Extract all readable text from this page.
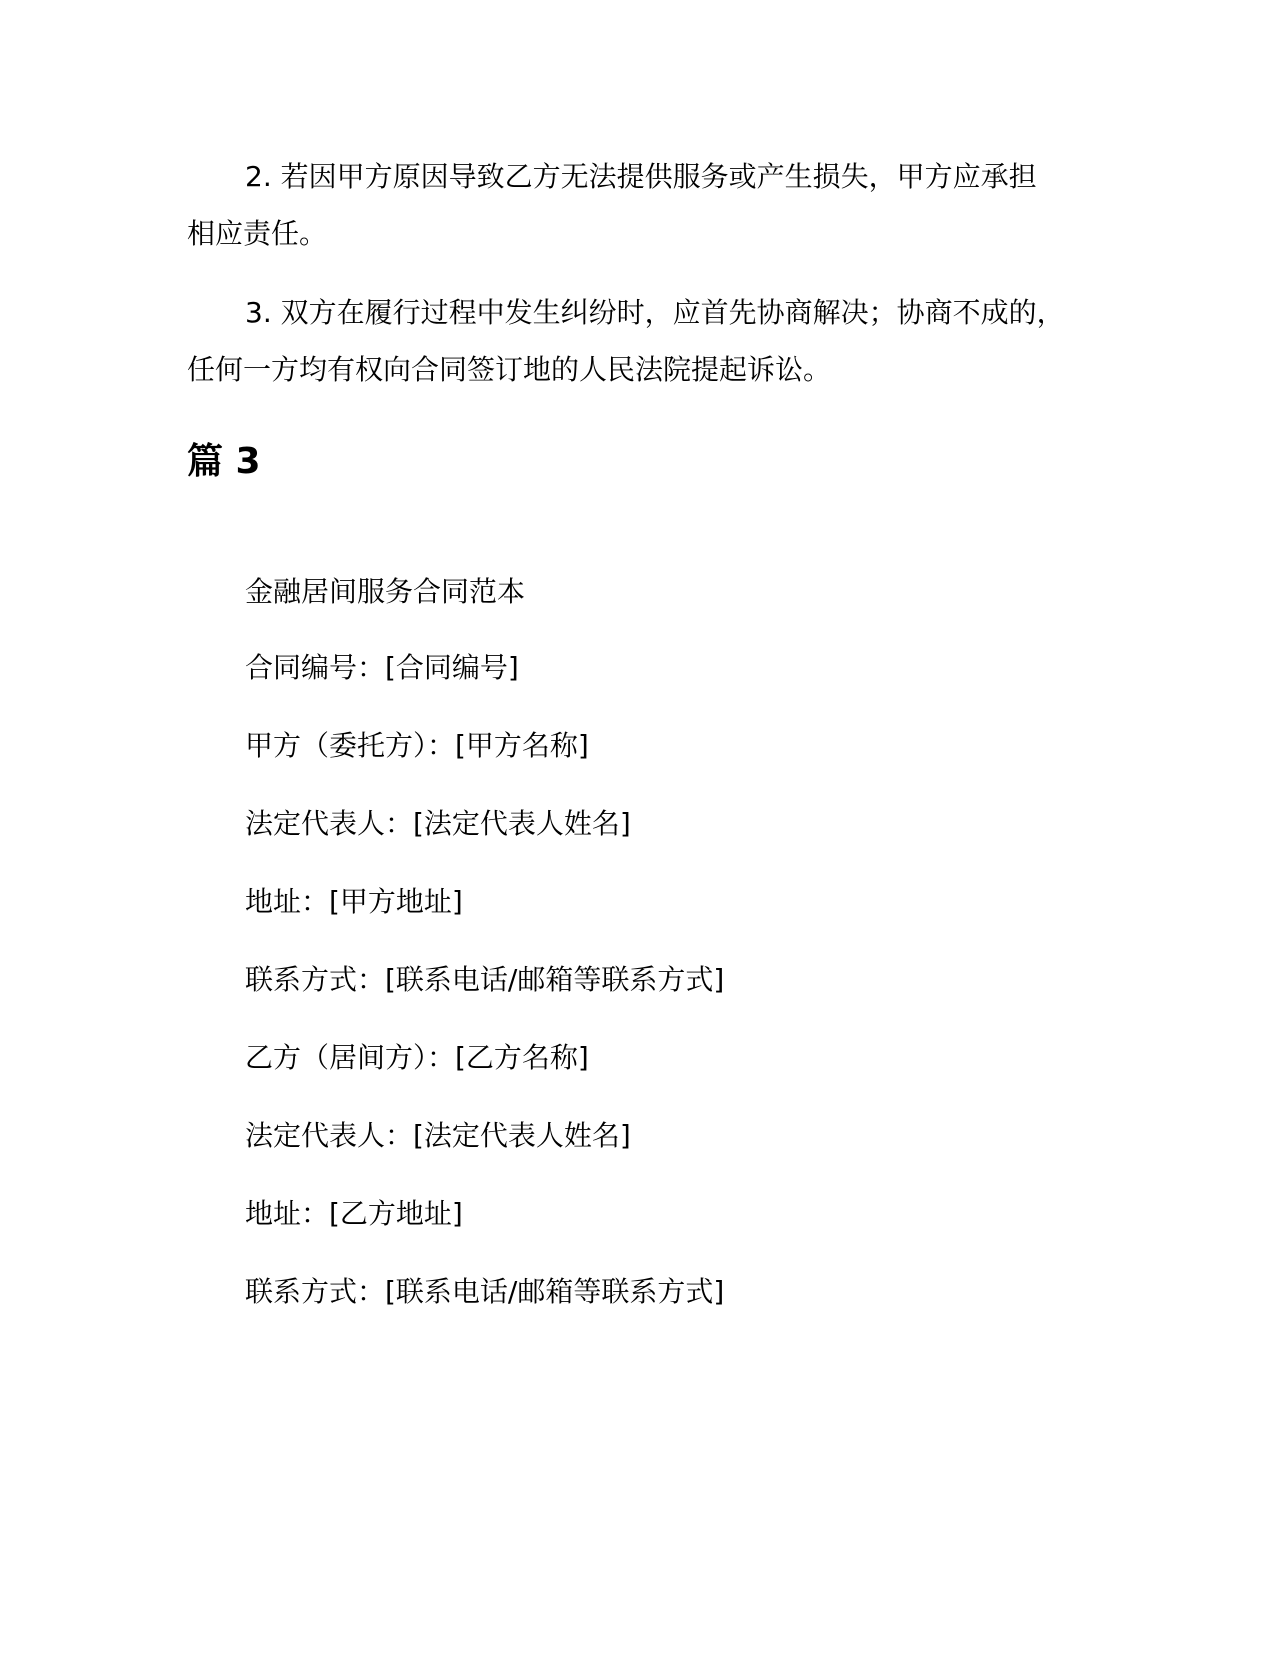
2. 若因甲方原因导致乙方无法提供服务或产生损失，甲方应承担
相应责任。
3. 双方在履行过程中发生纠纷时，应首先协商解决；协商不成的，
任何一方均有权向合同签订地的人民法院提起诉讼。
篇 3
金融居间服务合同范本
合同编号：[合同编号]
甲方（委托方）：[甲方名称]
法定代表人：[法定代表人姓名]
地址：[甲方地址]
联系方式：[联系电话/邮箱等联系方式]
乙方（居间方）：[乙方名称]
法定代表人：[法定代表人姓名]
地址：[乙方地址]
联系方式：[联系电话/邮箱等联系方式]
